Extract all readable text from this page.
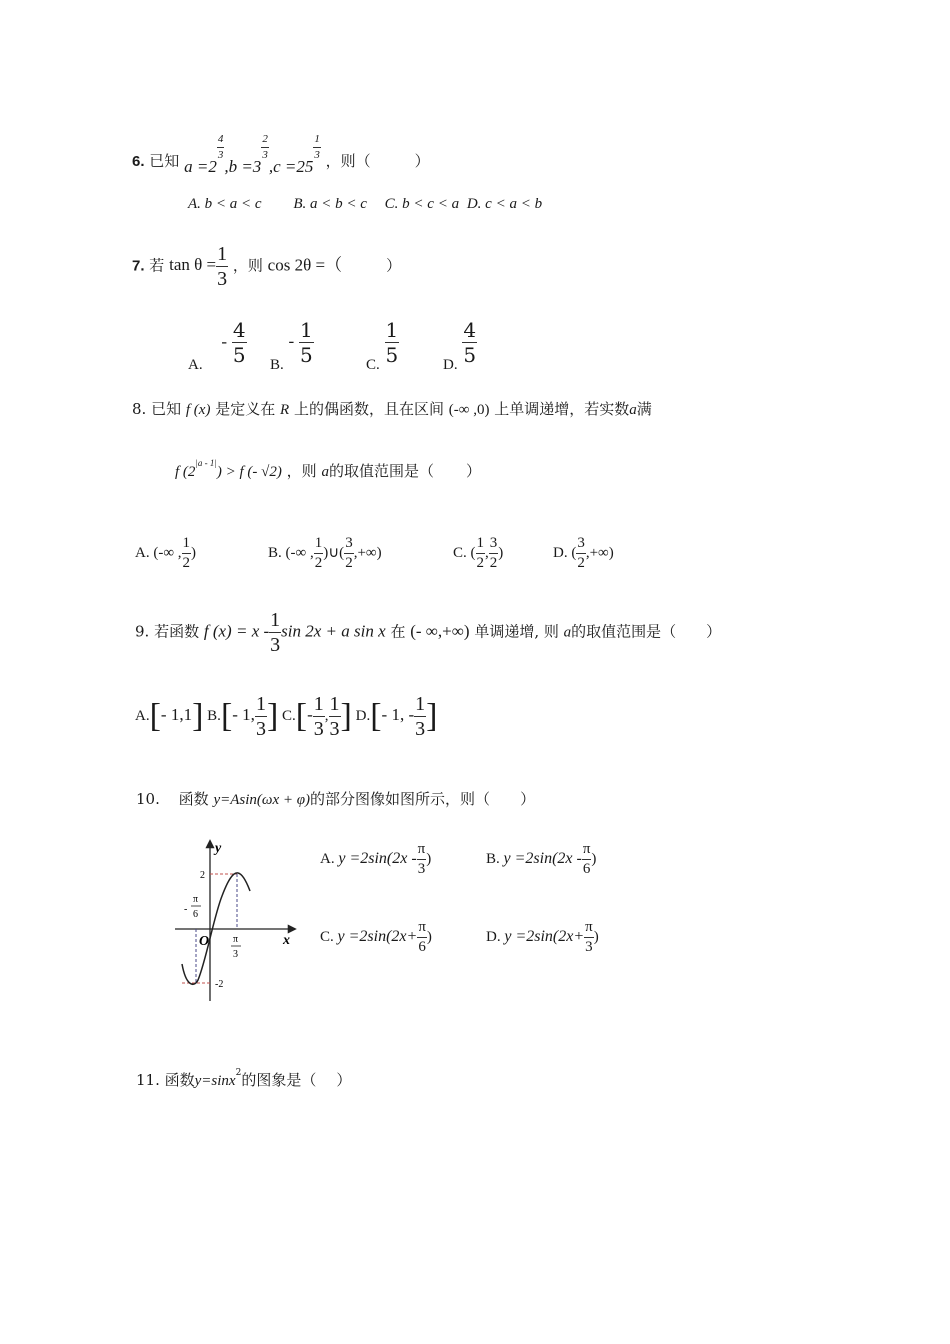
6. 已知 a =2
$\frac{4}{3}$
,b =3
$\frac{2}{3}$
,c =25
$\frac{1}{3}$ ，则（	）
A. b < a < c B. a < b < c C. b < c < a D. c < a < b
7. 若 $\tan \theta = \frac{1}{3}$ ，则 cos 2θ =（	）
A. - $\frac{4}{5} B$. - $\frac{1}{5}$	C. $\frac{1}{5}$	D. $\frac{4}{5}$
8. 已知 f (x) 是定义在 R 上的偶函数，且在区间 (-∞ ,0) 上单调递增，若实数a满
f $(2^{|a - 1|}) > f$ (- √2) ，则 a的取值范围是（ ）
A. (-∞ , $\frac{1}{2}$ )	B. (-∞ , $\frac{1}{2}$ )∪( $\frac{3}{2}$ ,+∞)	C. ( $\frac{1}{2}$ , $\frac{3}{2}$ )	D. ( $\frac{3}{2}$ ,+∞)
9. 若函数 f $(x) = x - \frac{1}{3}$ sin 2x + a sin x 在 (- ∞,+∞) 单调递增, 则 a的取值范围是（ ）
A.[- 1,1] B.[- 1, $\frac{1}{3}$ ] $C.[- \frac{1}{3}$ , $\frac{1}{3}$ ] D.[- 1, - $\frac{1}{3}$ ]
10. 函数 y=Asin(ωx + φ)的部分图像如图所示，则（ ）
y
x
O
2
-2
-
π
6
π
3
A. $y =2\sin(2x - \frac{\pi}{3}$ )	B. $y =2\sin(2x - \frac{\pi}{6}$ )
C. $y =2\sin(2x+ \frac{\pi}{6}$ )	D. $y =2\sin(2x+ \frac{\pi}{3}$ )
11. 函数y=sinx$^2$的图象是（ ）
